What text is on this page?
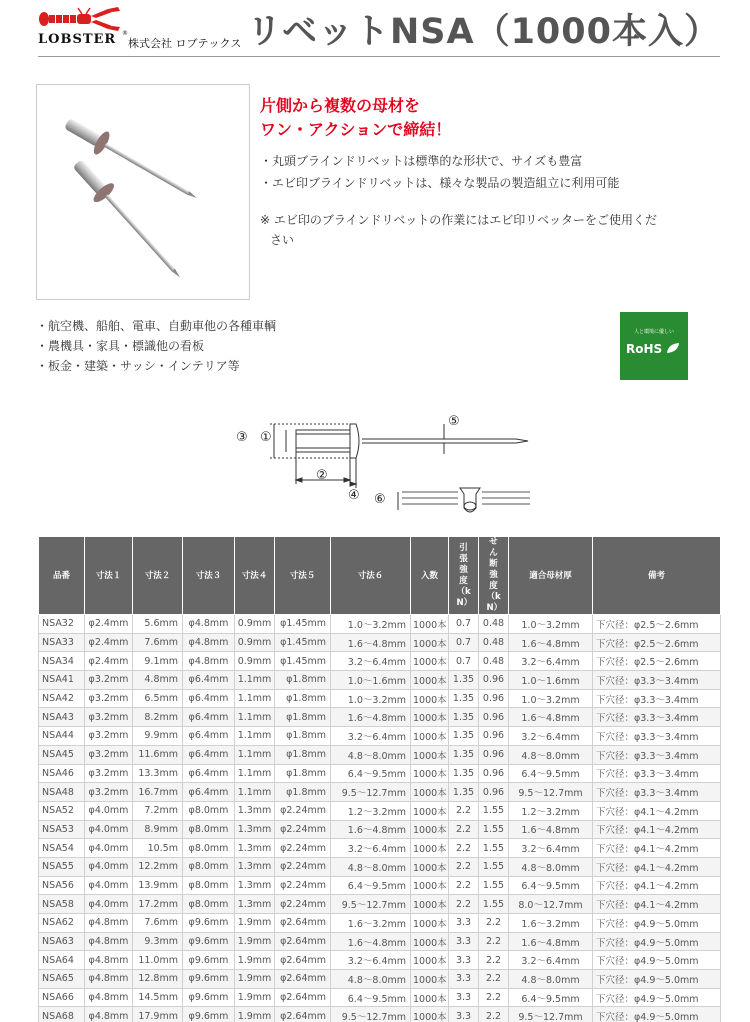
LOBSTER ®
株式会社 ロブテックス リベットNSA（1000本入）
片側から複数の母材を
ワン・アクションで締結！
・丸頭ブラインドリベットは標準的な形状で、サイズも豊富
・エビ印ブラインドリベットは、様々な製品の製造組立に利用可能
※ エビ印のブラインドリベットの作業にはエビ印リベッターをご使用くだ
さい
・航空機、船舶、電車、自動車他の各種車輌
・農機具・家具・標識他の看板
・板金・建築・サッシ・インテリア等
人と環境に優しい
RoHS
③ ①
②
④
⑤
⑥
品番	寸法１	寸法２	寸法３	寸法４	寸法５	寸法６	入数	引張強度（kN）	せん断強度（kN）	適合母材厚	備考
NSA32	φ2.4mm	5.6mm	φ4.8mm	0.9mm	φ1.45mm	1.0～3.2mm	1000本	0.7	0.48	1.0～3.2mm	下穴径：φ2.5～2.6mm
NSA33	φ2.4mm	7.6mm	φ4.8mm	0.9mm	φ1.45mm	1.6～4.8mm	1000本	0.7	0.48	1.6～4.8mm	下穴径：φ2.5～2.6mm
NSA34	φ2.4mm	9.1mm	φ4.8mm	0.9mm	φ1.45mm	3.2～6.4mm	1000本	0.7	0.48	3.2～6.4mm	下穴径：φ2.5～2.6mm
NSA41	φ3.2mm	4.8mm	φ6.4mm	1.1mm	φ1.8mm	1.0～1.6mm	1000本	1.35	0.96	1.0～1.6mm	下穴径：φ3.3～3.4mm
NSA42	φ3.2mm	6.5mm	φ6.4mm	1.1mm	φ1.8mm	1.0～3.2mm	1000本	1.35	0.96	1.0～3.2mm	下穴径：φ3.3～3.4mm
NSA43	φ3.2mm	8.2mm	φ6.4mm	1.1mm	φ1.8mm	1.6～4.8mm	1000本	1.35	0.96	1.6～4.8mm	下穴径：φ3.3～3.4mm
NSA44	φ3.2mm	9.9mm	φ6.4mm	1.1mm	φ1.8mm	3.2～6.4mm	1000本	1.35	0.96	3.2～6.4mm	下穴径：φ3.3～3.4mm
NSA45	φ3.2mm	11.6mm	φ6.4mm	1.1mm	φ1.8mm	4.8～8.0mm	1000本	1.35	0.96	4.8～8.0mm	下穴径：φ3.3～3.4mm
NSA46	φ3.2mm	13.3mm	φ6.4mm	1.1mm	φ1.8mm	6.4～9.5mm	1000本	1.35	0.96	6.4～9.5mm	下穴径：φ3.3～3.4mm
NSA48	φ3.2mm	16.7mm	φ6.4mm	1.1mm	φ1.8mm	9.5～12.7mm	1000本	1.35	0.96	9.5～12.7mm	下穴径：φ3.3～3.4mm
NSA52	φ4.0mm	7.2mm	φ8.0mm	1.3mm	φ2.24mm	1.2～3.2mm	1000本	2.2	1.55	1.2～3.2mm	下穴径：φ4.1～4.2mm
NSA53	φ4.0mm	8.9mm	φ8.0mm	1.3mm	φ2.24mm	1.6～4.8mm	1000本	2.2	1.55	1.6～4.8mm	下穴径：φ4.1～4.2mm
NSA54	φ4.0mm	10.5m	φ8.0mm	1.3mm	φ2.24mm	3.2～6.4mm	1000本	2.2	1.55	3.2～6.4mm	下穴径：φ4.1～4.2mm
NSA55	φ4.0mm	12.2mm	φ8.0mm	1.3mm	φ2.24mm	4.8～8.0mm	1000本	2.2	1.55	4.8～8.0mm	下穴径：φ4.1～4.2mm
NSA56	φ4.0mm	13.9mm	φ8.0mm	1.3mm	φ2.24mm	6.4～9.5mm	1000本	2.2	1.55	6.4～9.5mm	下穴径：φ4.1～4.2mm
NSA58	φ4.0mm	17.2mm	φ8.0mm	1.3mm	φ2.24mm	9.5～12.7mm	1000本	2.2	1.55	8.0～12.7mm	下穴径：φ4.1～4.2mm
NSA62	φ4.8mm	7.6mm	φ9.6mm	1.9mm	φ2.64mm	1.6～3.2mm	1000本	3.3	2.2	1.6～3.2mm	下穴径：φ4.9～5.0mm
NSA63	φ4.8mm	9.3mm	φ9.6mm	1.9mm	φ2.64mm	1.6～4.8mm	1000本	3.3	2.2	1.6～4.8mm	下穴径：φ4.9～5.0mm
NSA64	φ4.8mm	11.0mm	φ9.6mm	1.9mm	φ2.64mm	3.2～6.4mm	1000本	3.3	2.2	3.2～6.4mm	下穴径：φ4.9～5.0mm
NSA65	φ4.8mm	12.8mm	φ9.6mm	1.9mm	φ2.64mm	4.8～8.0mm	1000本	3.3	2.2	4.8～8.0mm	下穴径：φ4.9～5.0mm
NSA66	φ4.8mm	14.5mm	φ9.6mm	1.9mm	φ2.64mm	6.4～9.5mm	1000本	3.3	2.2	6.4～9.5mm	下穴径：φ4.9～5.0mm
NSA68	φ4.8mm	17.9mm	φ9.6mm	1.9mm	φ2.64mm	9.5～12.7mm	1000本	3.3	2.2	9.5～12.7mm	下穴径：φ4.9～5.0mm
